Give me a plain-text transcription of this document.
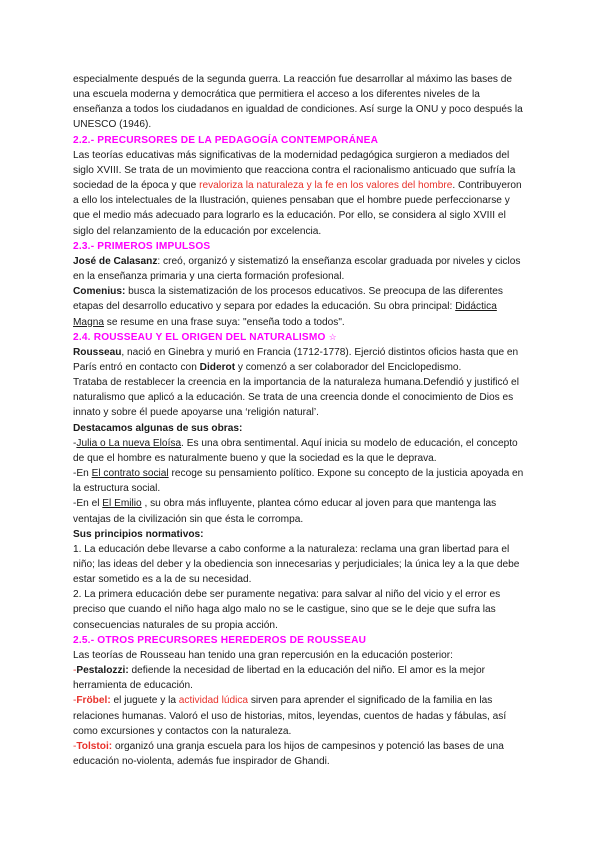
especialmente después de la segunda guerra. La reacción fue desarrollar al máximo las bases de una escuela moderna y democrática que permitiera el acceso a los diferentes niveles de la enseñanza a todos los ciudadanos en igualdad de condiciones. Así surge la ONU y poco después la UNESCO (1946).

2.2.- PRECURSORES DE LA PEDAGOGÍA CONTEMPORÁNEA

Las teorías educativas más significativas de la modernidad pedagógica surgieron a mediados del siglo XVIII. Se trata de un movimiento que reacciona contra el racionalismo anticuado que sufría la sociedad de la época y que revaloriza la naturaleza y la fe en los valores del hombre. Contribuyeron a ello los intelectuales de la Ilustración, quienes pensaban que el hombre puede perfeccionarse y que el medio más adecuado para lograrlo es la educación. Por ello, se considera al siglo XVIII el siglo del relanzamiento de la educación por excelencia.

2.3.- PRIMEROS IMPULSOS

José de Calasanz: creó, organizó y sistematizó la enseñanza escolar graduada por niveles y ciclos en la enseñanza primaria y una cierta formación profesional.

Comenius: busca la sistematización de los procesos educativos. Se preocupa de las diferentes etapas del desarrollo educativo y separa por edades la educación. Su obra principal: Didáctica Magna se resume en una frase suya: "enseña todo a todos".

2.4. ROUSSEAU Y EL ORIGEN DEL NATURALISMO ☆

Rousseau, nació en Ginebra y murió en Francia (1712-1778). Ejerció distintos oficios hasta que en París entró en contacto con Diderot y comenzó a ser colaborador del Enciclopedismo.

Trataba de restablecer la creencia en la importancia de la naturaleza humana.Defendió y justificó el naturalismo que aplicó a la educación. Se trata de una creencia donde el conocimiento de Dios es innato y sobre él puede apoyarse una ‘religión natural’.

Destacamos algunas de sus obras:

-Julia o La nueva Eloísa. Es una obra sentimental. Aquí inicia su modelo de educación, el concepto de que el hombre es naturalmente bueno y que la sociedad es la que le deprava.

-En El contrato social recoge su pensamiento político. Expone su concepto de la justicia apoyada en la estructura social.

-En el El Emilio , su obra más influyente, plantea cómo educar al joven para que mantenga las ventajas de la civilización sin que ésta le corrompa.

Sus principios normativos:

1. La educación debe llevarse a cabo conforme a la naturaleza: reclama una gran libertad para el niño; las ideas del deber y la obediencia son innecesarias y perjudiciales; la única ley a la que debe estar sometido es a la de su necesidad.

2. La primera educación debe ser puramente negativa: para salvar al niño del vicio y el error es preciso que cuando el niño haga algo malo no se le castigue, sino que se le deje que sufra las consecuencias naturales de su propia acción.

2.5.- OTROS PRECURSORES HEREDEROS DE ROUSSEAU

Las teorías de Rousseau han tenido una gran repercusión en la educación posterior:

-Pestalozzi: defiende la necesidad de libertad en la educación del niño. El amor es la mejor herramienta de educación.

-Fröbel: el juguete y la actividad lúdica sirven para aprender el significado de la familia en las relaciones humanas. Valoró el uso de historias, mitos, leyendas, cuentos de hadas y fábulas, así como excursiones y contactos con la naturaleza.

-Tolstoi: organizó una granja escuela para los hijos de campesinos y potenció las bases de una educación no-violenta, además fue inspirador de Ghandi.
